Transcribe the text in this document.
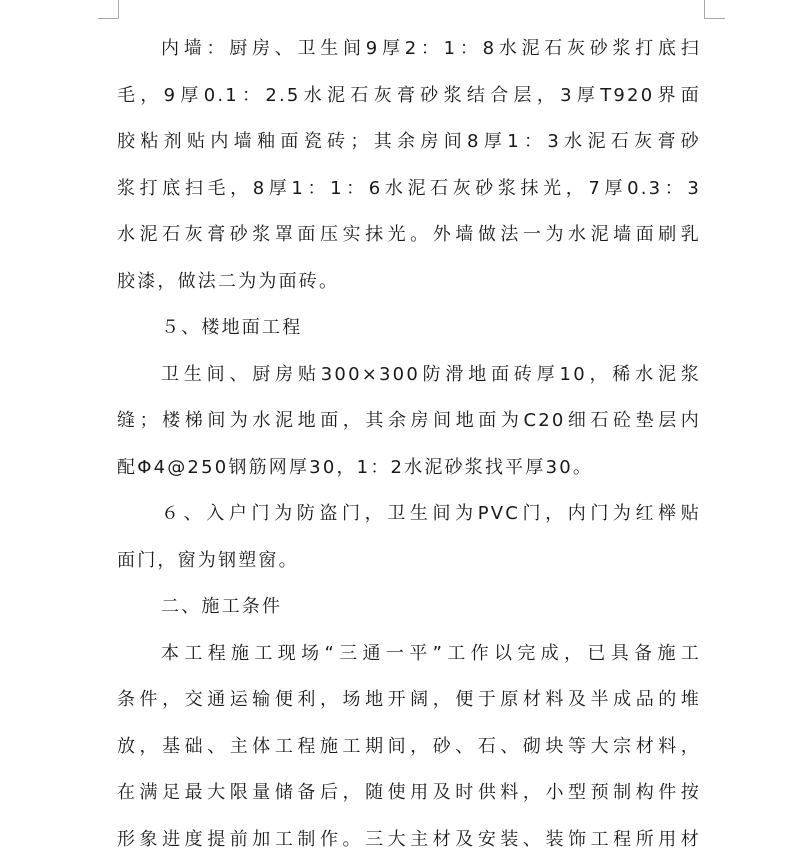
内墙：厨房、卫生间9厚2：1：8水泥石灰砂浆打底扫
毛，9厚0.1：2.5水泥石灰膏砂浆结合层，3厚T920界面
胶粘剂贴内墙釉面瓷砖；其余房间8厚1：3水泥石灰膏砂
浆打底扫毛，8厚1：1：6水泥石灰砂浆抹光，7厚0.3：3
水泥石灰膏砂浆罩面压实抹光。外墙做法一为水泥墙面刷乳
胶漆，做法二为为面砖。
５、楼地面工程
卫生间、厨房贴300×300防滑地面砖厚10，稀水泥浆
缝；楼梯间为水泥地面，其余房间地面为C20细石砼垫层内
配Φ4@250钢筋网厚30，1：2水泥砂浆找平厚30。
６、入户门为防盗门，卫生间为PVC门，内门为红榉贴
面门，窗为钢塑窗。
二、施工条件
本工程施工现场“三通一平”工作以完成，已具备施工
条件，交通运输便利，场地开阔，便于原材料及半成品的堆
放，基础、主体工程施工期间，砂、石、砌块等大宗材料，
在满足最大限量储备后，随使用及时供料，小型预制构件按
形象进度提前加工制作。三大主材及安装、装饰工程所用材
